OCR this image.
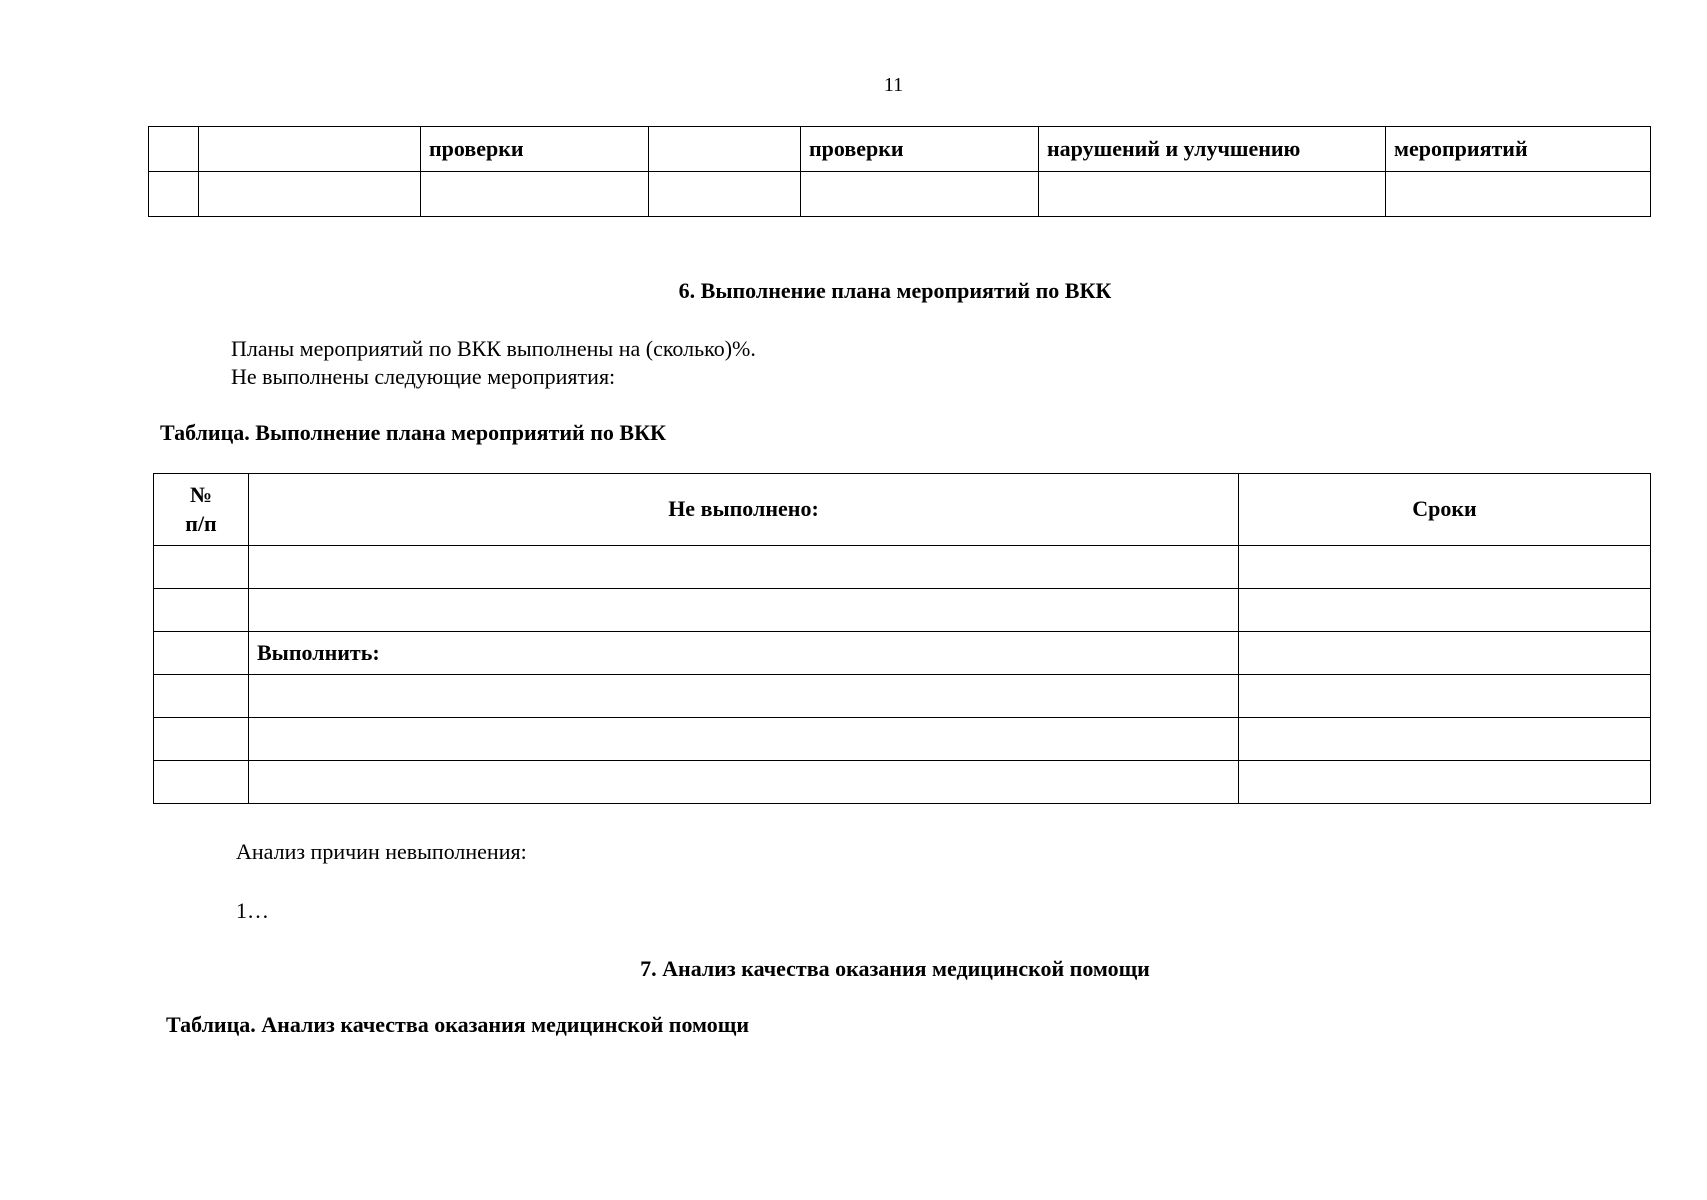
11
		проверки		проверки	нарушений и улучшению	мероприятий

6. Выполнение плана мероприятий по ВКК
Планы мероприятий по ВКК выполнены на (сколько)%.
Не выполнены следующие мероприятия:
Таблица. Выполнение плана мероприятий по ВКК
№
п/п	Не выполнено:	Сроки

	Выполнить:	

Анализ причин невыполнения:
1…
7. Анализ качества оказания медицинской помощи
Таблица. Анализ качества оказания медицинской помощи
